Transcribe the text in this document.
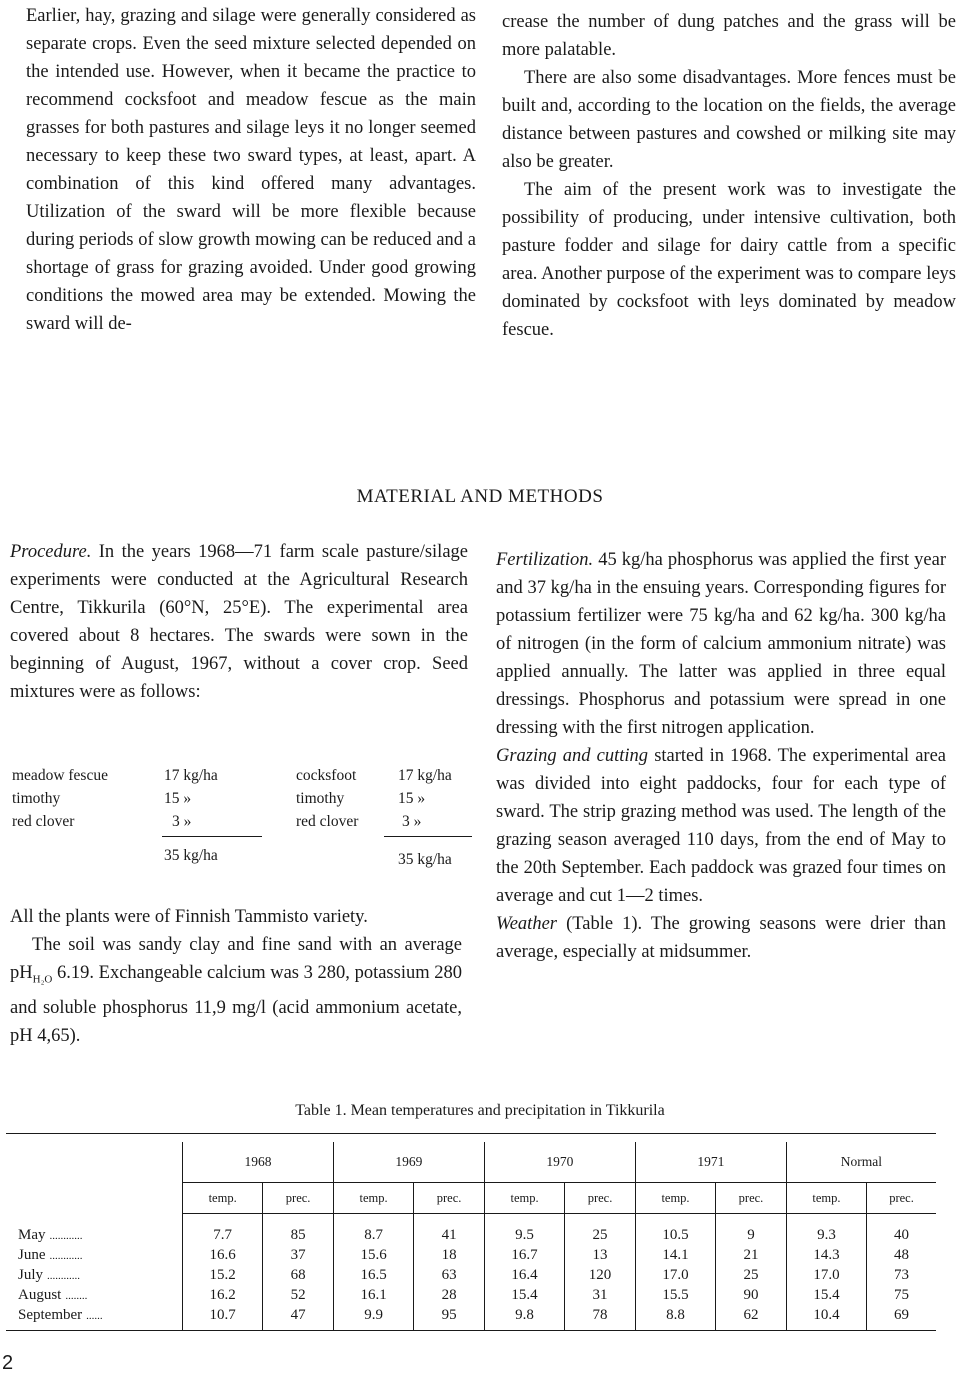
Earlier, hay, grazing and silage were generally considered as separate crops. Even the seed mixture selected depended on the intended use. However, when it became the practice to recommend cocksfoot and meadow fescue as the main grasses for both pastures and silage leys it no longer seemed necessary to keep these two sward types, at least, apart. A combination of this kind offered many advantages. Utilization of the sward will be more flexible because during periods of slow growth mowing can be reduced and a shortage of grass for grazing avoided. Under good growing conditions the mowed area may be extended. Mowing the sward will de-

crease the number of dung patches and the grass will be more palatable.

There are also some disadvantages. More fences must be built and, according to the location on the fields, the average distance between pastures and cowshed or milking site may also be greater.

The aim of the present work was to investigate the possibility of producing, under intensive cultivation, both pasture fodder and silage for dairy cattle from a specific area. Another purpose of the experiment was to compare leys dominated by cocksfoot with leys dominated by meadow fescue.

MATERIAL AND METHODS

Procedure. In the years 1968—71 farm scale pasture/silage experiments were conducted at the Agricultural Research Centre, Tikkurila (60°N, 25°E). The experimental area covered about 8 hectares. The swards were sown in the beginning of August, 1967, without a cover crop. Seed mixtures were as follows:

meadow fescue	17 kg/ha	cocksfoot	17 kg/ha
timothy	15 »	timothy	15 »
red clover	3 »	red clover	3 »
35 kg/ha	35 kg/ha

All the plants were of Finnish Tammisto variety.

The soil was sandy clay and fine sand with an average $pH_{H_2O}$ 6.19. Exchangeable calcium was 3 280, potassium 280 and soluble phosphorus 11,9 mg/l (acid ammonium acetate, pH 4,65).

Fertilization. 45 kg/ha phosphorus was applied the first year and 37 kg/ha in the ensuing years. Corresponding figures for potassium fertilizer were 75 kg/ha and 62 kg/ha. 300 kg/ha of nitrogen (in the form of calcium ammonium nitrate) was applied annually. The latter was applied in three equal dressings. Phosphorus and potassium were spread in one dressing with the first nitrogen application.

Grazing and cutting started in 1968. The experimental area was divided into eight paddocks, four for each type of sward. The strip grazing method was used. The length of the grazing season averaged 110 days, from the end of May to the 20th September. Each paddock was grazed four times on average and cut 1—2 times.

Weather (Table 1). The growing seasons were drier than average, especially at midsummer.

Table 1. Mean temperatures and precipitation in Tikkurila

	1968		1969		1970		1971		Normal	
	temp.	prec.	temp.	prec.	temp.	prec.	temp.	prec.	temp.	prec.
May ............	7.7	85	8.7	41	9.5	25	10.5	9	9.3	40
June ............	16.6	37	15.6	18	16.7	13	14.1	21	14.3	48
July ............	15.2	68	16.5	63	16.4	120	17.0	25	17.0	73
August ........	16.2	52	16.1	28	15.4	31	15.5	90	15.4	75
September ......	10.7	47	9.9	95	9.8	78	8.8	62	10.4	69
2
